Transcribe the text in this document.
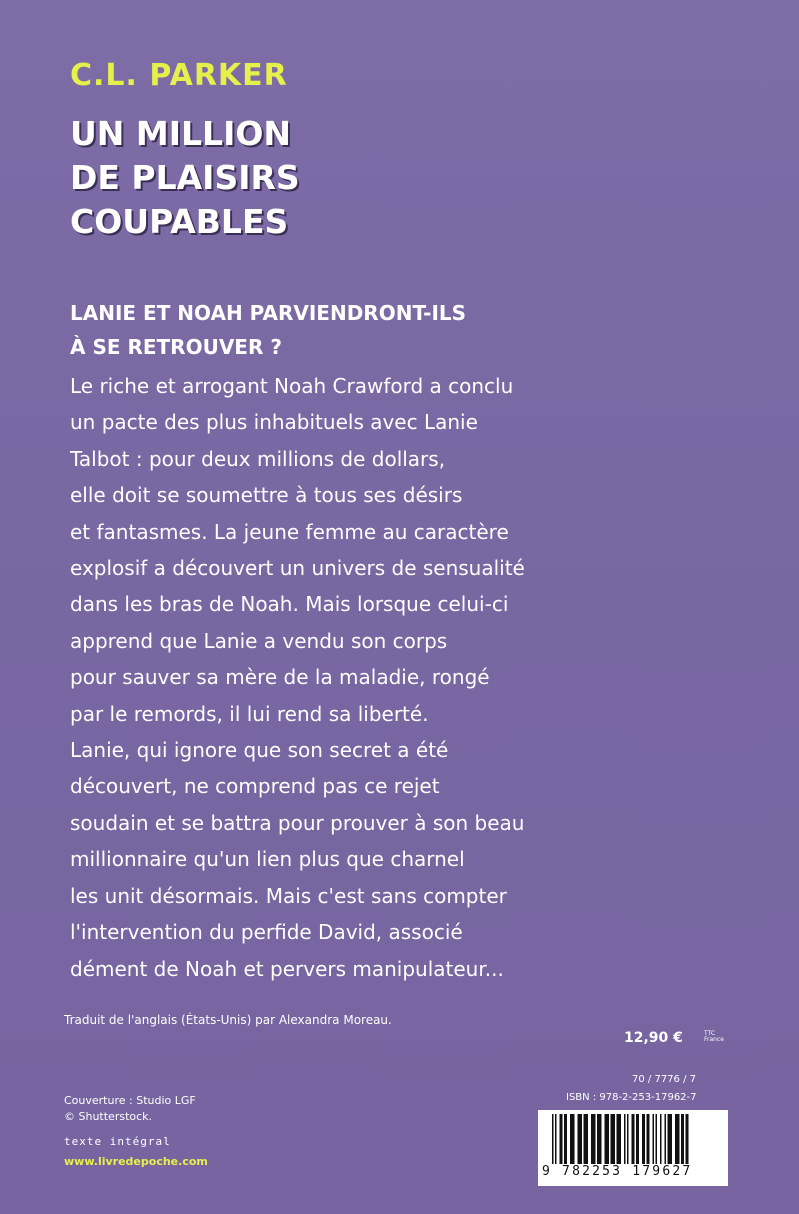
C.L. PARKER
UN MILLION
DE PLAISIRS
COUPABLES
LANIE ET NOAH PARVIENDRONT-ILS
À SE RETROUVER ?
Le riche et arrogant Noah Crawford a conclu
un pacte des plus inhabituels avec Lanie
Talbot : pour deux millions de dollars,
elle doit se soumettre à tous ses désirs
et fantasmes. La jeune femme au caractère
explosif a découvert un univers de sensualité
dans les bras de Noah. Mais lorsque celui-ci
apprend que Lanie a vendu son corps
pour sauver sa mère de la maladie, rongé
par le remords, il lui rend sa liberté.
Lanie, qui ignore que son secret a été
découvert, ne comprend pas ce rejet
soudain et se battra pour prouver à son beau
millionnaire qu'un lien plus que charnel
les unit désormais. Mais c'est sans compter
l'intervention du perfide David, associé
dément de Noah et pervers manipulateur...
Traduit de l'anglais (États-Unis) par Alexandra Moreau.
12,90 €	TTC France
70 / 7776 / 7
ISBN : 978-2-253-17962-7
Couverture : Studio LGF
© Shutterstock.
texte intégral
www.livredepoche.com
9 782253 179627
